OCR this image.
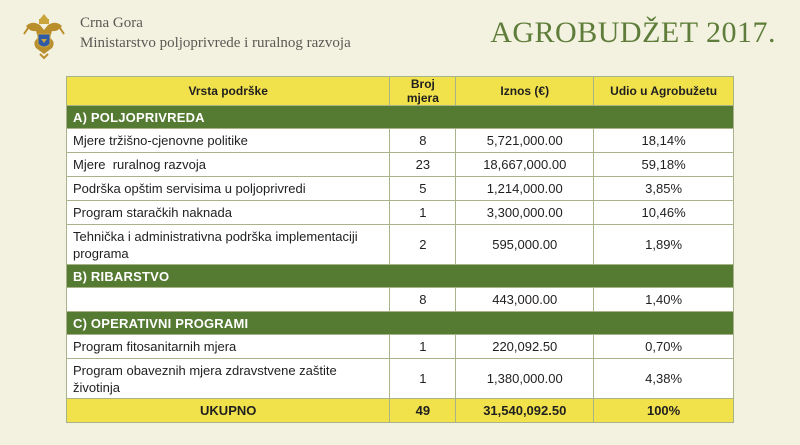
Crna Gora
Ministarstvo poljoprivrede i ruralnog razvoja	AGROBUDŽET 2017.
Vrsta podrške	Broj mjera	Iznos (€)	Udio u Agrobužetu
A) POLJOPRIVREDA			
Mjere tržišno-cjenovne politike	8	5,721,000.00	18,14%
Mjere  ruralnog razvoja	23	18,667,000.00	59,18%
Podrška opštim servisima u poljoprivredi	5	1,214,000.00	3,85%
Program staračkih naknada	1	3,300,000.00	10,46%
Tehnička i administrativna podrška implementaciji programa	2	595,000.00	1,89%
B) RIBARSTVO			
	8	443,000.00	1,40%
C) OPERATIVNI PROGRAMI			
Program fitosanitarnih mjera	1	220,092.50	0,70%
Program obaveznih mjera zdravstvene zaštite životinja	1	1,380,000.00	4,38%
UKUPNO	49	31,540,092.50	100%
